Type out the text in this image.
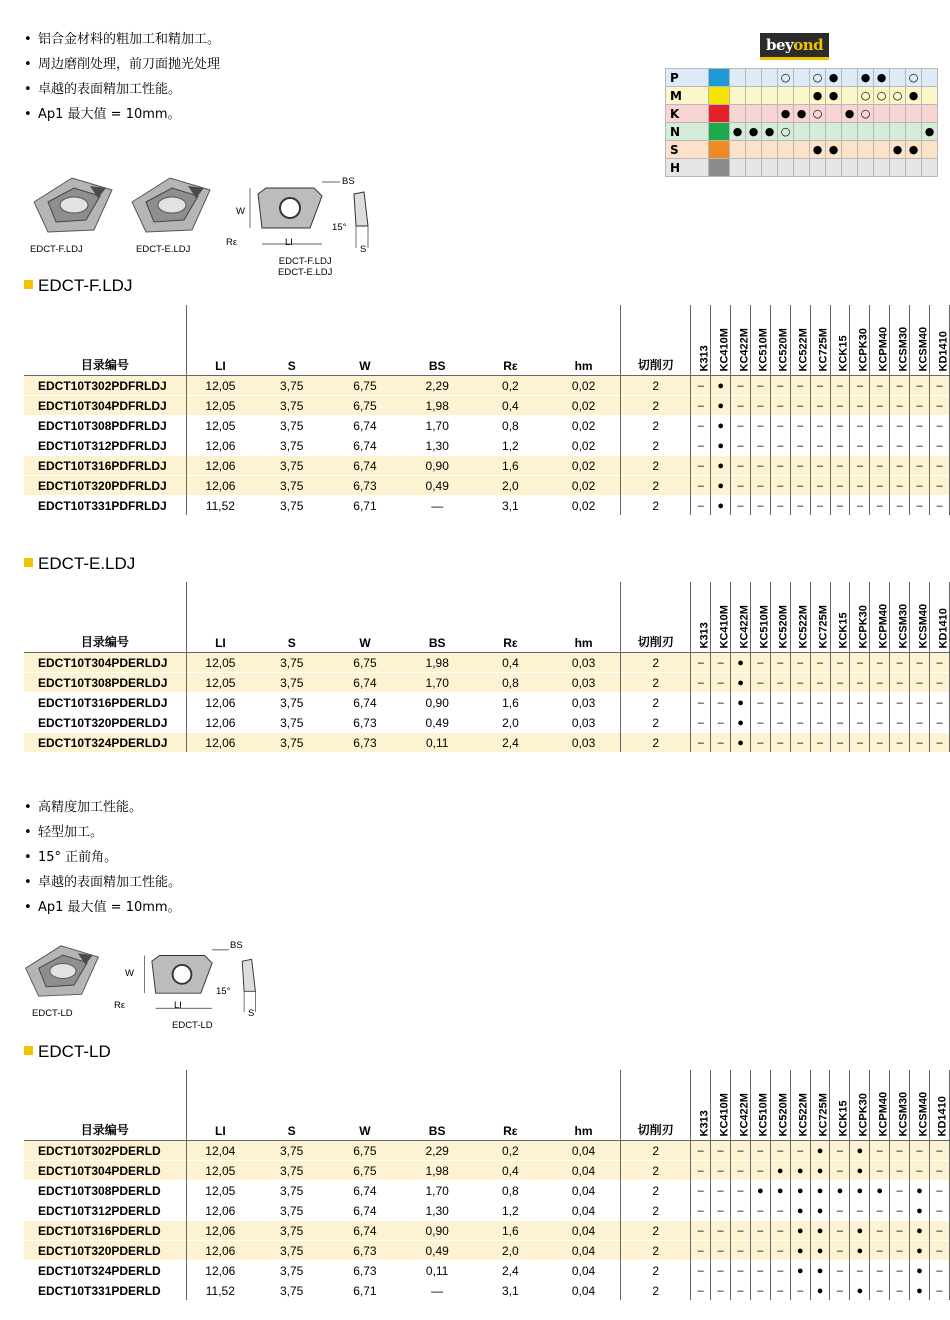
• 铝合金材料的粗加工和精加工。
• 周边磨削处理，前刀面抛光处理
• 卓越的表面精加工性能。
• Ap1 最大值 = 10mm。
beyond
P					○		○	●		●	●		○	
M							●	●		○	○	○	●	
K					●	●	○		●	○				
N		●	●	●	○									●
S							●	●				●	●	
H														
EDCT-F.LDJ	EDCT-E.LDJ
BS
W
Rε	LI
15°
S
EDCT-F.LDJ
EDCT-E.LDJ
EDCT-F.LDJ
目录编号	LI	S	W	BS	Rε	hm	切削刃	K313	KC410M	KC422M	KC510M	KC520M	KC522M	KC725M	KCK15	KCPK30	KCPM40	KCSM30	KCSM40	KD1410
EDCT10T302PDFRLDJ	12,05	3,75	6,75	2,29	0,2	0,02	2	–	●	–	–	–	–	–	–	–	–	–	–	–
EDCT10T304PDFRLDJ	12,05	3,75	6,75	1,98	0,4	0,02	2	–	●	–	–	–	–	–	–	–	–	–	–	–
EDCT10T308PDFRLDJ	12,05	3,75	6,74	1,70	0,8	0,02	2	–	●	–	–	–	–	–	–	–	–	–	–	–
EDCT10T312PDFRLDJ	12,06	3,75	6,74	1,30	1,2	0,02	2	–	●	–	–	–	–	–	–	–	–	–	–	–
EDCT10T316PDFRLDJ	12,06	3,75	6,74	0,90	1,6	0,02	2	–	●	–	–	–	–	–	–	–	–	–	–	–
EDCT10T320PDFRLDJ	12,06	3,75	6,73	0,49	2,0	0,02	2	–	●	–	–	–	–	–	–	–	–	–	–	–
EDCT10T331PDFRLDJ	11,52	3,75	6,71	—	3,1	0,02	2	–	●	–	–	–	–	–	–	–	–	–	–	–
EDCT-E.LDJ
目录编号	LI	S	W	BS	Rε	hm	切削刃	K313	KC410M	KC422M	KC510M	KC520M	KC522M	KC725M	KCK15	KCPK30	KCPM40	KCSM30	KCSM40	KD1410
EDCT10T304PDERLDJ	12,05	3,75	6,75	1,98	0,4	0,03	2	–	–	●	–	–	–	–	–	–	–	–	–	–
EDCT10T308PDERLDJ	12,05	3,75	6,74	1,70	0,8	0,03	2	–	–	●	–	–	–	–	–	–	–	–	–	–
EDCT10T316PDERLDJ	12,06	3,75	6,74	0,90	1,6	0,03	2	–	–	●	–	–	–	–	–	–	–	–	–	–
EDCT10T320PDERLDJ	12,06	3,75	6,73	0,49	2,0	0,03	2	–	–	●	–	–	–	–	–	–	–	–	–	–
EDCT10T324PDERLDJ	12,06	3,75	6,73	0,11	2,4	0,03	2	–	–	●	–	–	–	–	–	–	–	–	–	–
• 高精度加工性能。
• 轻型加工。
• 15° 正前角。
• 卓越的表面精加工性能。
• Ap1 最大值 = 10mm。
EDCT-LD
BS
W
Rε	LI
15°
S
EDCT-LD
EDCT-LD
目录编号	LI	S	W	BS	Rε	hm	切削刃	K313	KC410M	KC422M	KC510M	KC520M	KC522M	KC725M	KCK15	KCPK30	KCPM40	KCSM30	KCSM40	KD1410
EDCT10T302PDERLD	12,04	3,75	6,75	2,29	0,2	0,04	2	–	–	–	–	–	–	●	–	●	–	–	–	–
EDCT10T304PDERLD	12,05	3,75	6,75	1,98	0,4	0,04	2	–	–	–	–	●	●	●	–	●	–	–	–	–
EDCT10T308PDERLD	12,05	3,75	6,74	1,70	0,8	0,04	2	–	–	–	●	●	●	●	●	●	●	–	●	–
EDCT10T312PDERLD	12,06	3,75	6,74	1,30	1,2	0,04	2	–	–	–	–	–	●	●	–	–	–	–	●	–
EDCT10T316PDERLD	12,06	3,75	6,74	0,90	1,6	0,04	2	–	–	–	–	–	●	●	–	●	–	–	●	–
EDCT10T320PDERLD	12,06	3,75	6,73	0,49	2,0	0,04	2	–	–	–	–	–	●	●	–	●	–	–	●	–
EDCT10T324PDERLD	12,06	3,75	6,73	0,11	2,4	0,04	2	–	–	–	–	–	●	●	–	–	–	–	●	–
EDCT10T331PDERLD	11,52	3,75	6,71	—	3,1	0,04	2	–	–	–	–	–	–	●	–	●	–	–	●	–
